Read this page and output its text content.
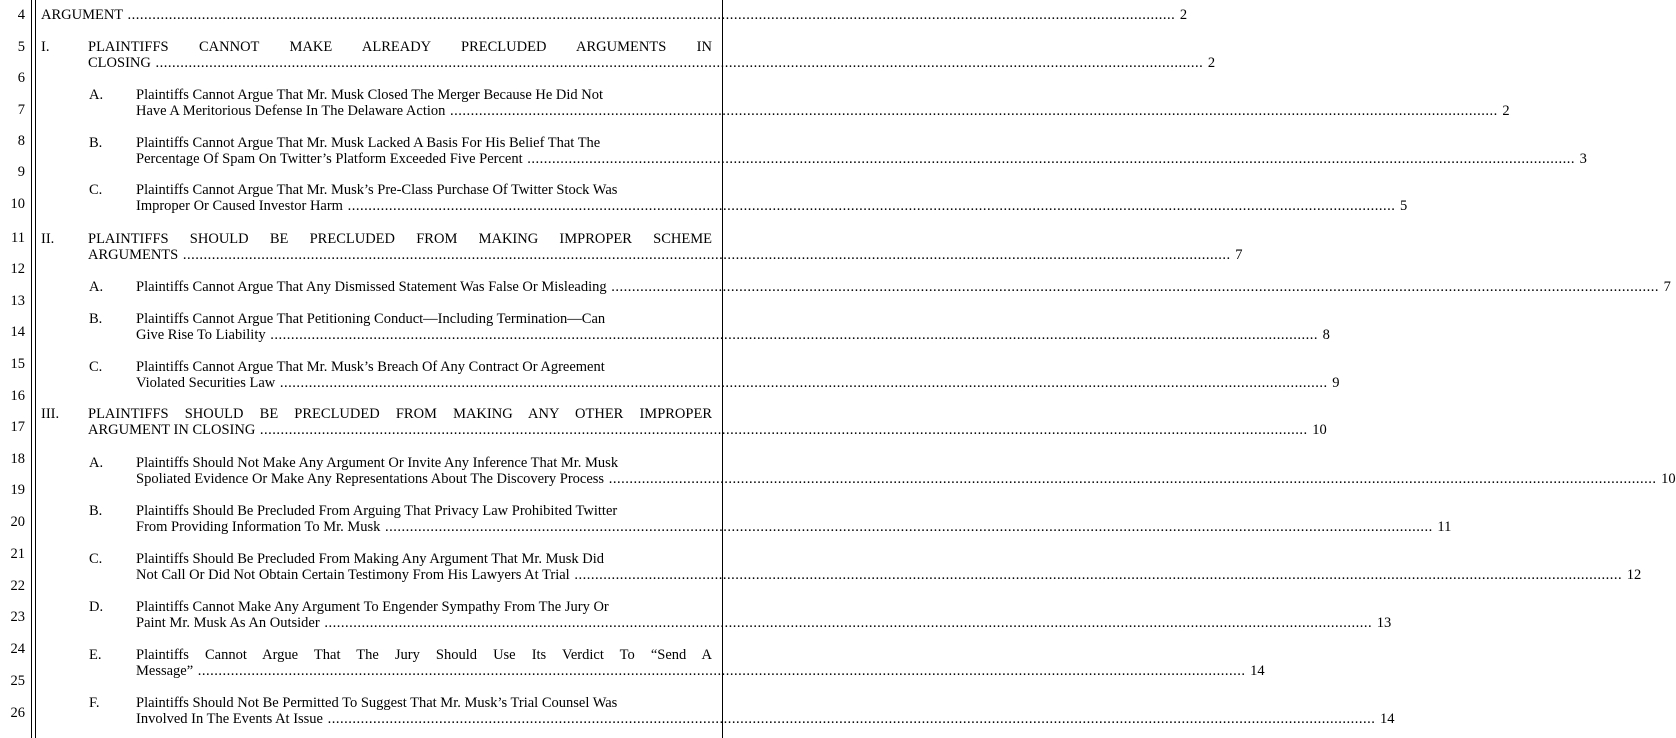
4
5
6
7
8
9
10
11
12
13
14
15
16
17
18
19
20
21
22
23
24
25
26
ARGUMENT .....	2
I.	PLAINTIFFS CANNOT MAKE ALREADY PRECLUDED ARGUMENTS IN
CLOSING .....	2
A. Plaintiffs Cannot Argue That Mr. Musk Closed The Merger Because He Did Not
Have A Meritorious Defense In The Delaware Action .....	2
B. Plaintiffs Cannot Argue That Mr. Musk Lacked A Basis For His Belief That The
Percentage Of Spam On Twitter’s Platform Exceeded Five Percent .....	3
C. Plaintiffs Cannot Argue That Mr. Musk’s Pre-Class Purchase Of Twitter Stock Was
Improper Or Caused Investor Harm .....	5
II. PLAINTIFFS SHOULD BE PRECLUDED FROM MAKING IMPROPER SCHEME
ARGUMENTS .....	7
A. Plaintiffs Cannot Argue That Any Dismissed Statement Was False Or Misleading .....	7
B. Plaintiffs Cannot Argue That Petitioning Conduct—Including Termination—Can
Give Rise To Liability .....	8
C. Plaintiffs Cannot Argue That Mr. Musk’s Breach Of Any Contract Or Agreement
Violated Securities Law .....	9
III. PLAINTIFFS SHOULD BE PRECLUDED FROM MAKING ANY OTHER IMPROPER
ARGUMENT IN CLOSING .....	10
A. Plaintiffs Should Not Make Any Argument Or Invite Any Inference That Mr. Musk
Spoliated Evidence Or Make Any Representations About The Discovery Process .....	10
B. Plaintiffs Should Be Precluded From Arguing That Privacy Law Prohibited Twitter
From Providing Information To Mr. Musk .....	11
C. Plaintiffs Should Be Precluded From Making Any Argument That Mr. Musk Did
Not Call Or Did Not Obtain Certain Testimony From His Lawyers At Trial .....	12
D. Plaintiffs Cannot Make Any Argument To Engender Sympathy From The Jury Or
Paint Mr. Musk As An Outsider .....	13
E. Plaintiffs Cannot Argue That The Jury Should Use Its Verdict To “Send A
Message” .....	14
F.	Plaintiffs Should Not Be Permitted To Suggest That Mr. Musk’s Trial Counsel Was
Involved In The Events At Issue .....	14
